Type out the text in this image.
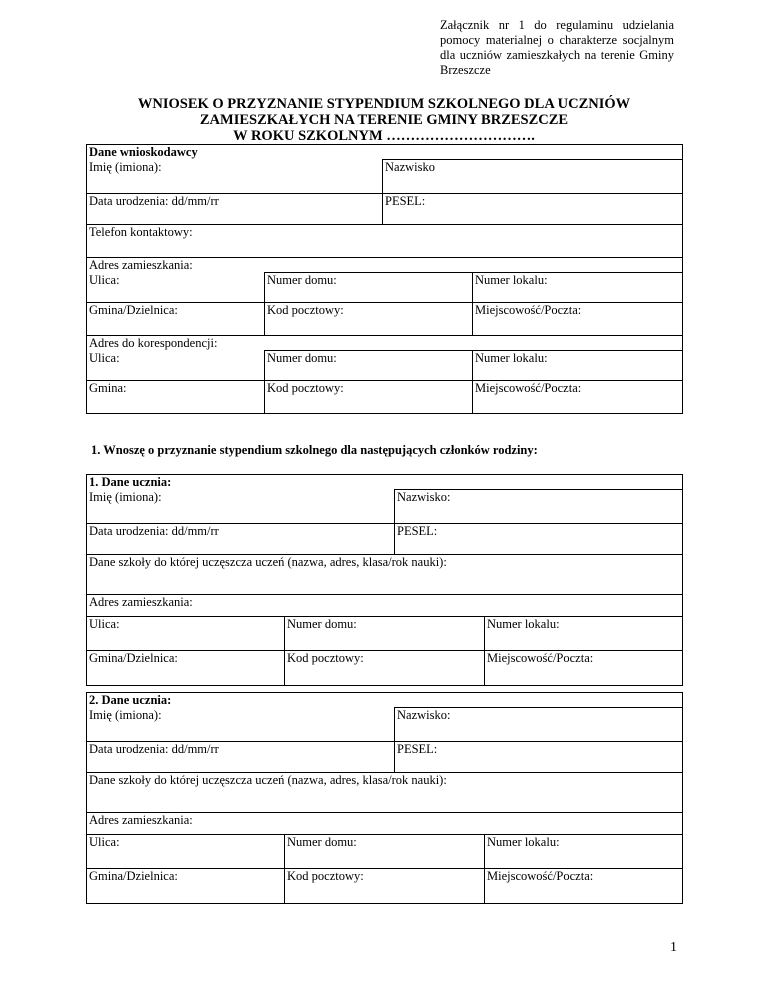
Załącznik nr 1 do regulaminu udzielania pomocy materialnej o charakterze socjalnym dla uczniów zamieszkałych na terenie Gminy Brzeszcze
WNIOSEK O PRZYZNANIE STYPENDIUM SZKOLNEGO DLA UCZNIÓW
ZAMIESZKAŁYCH NA TERENIE GMINY BRZESZCZE
W ROKU SZKOLNYM ………………………….
Dane wnioskodawcy			
Imię (imiona):		Nazwisko	
Data urodzenia: dd/mm/rr		PESEL:	
Telefon kontaktowy:			
Adres zamieszkania:			
Ulica:	Numer domu:		Numer lokalu:
Gmina/Dzielnica:	Kod pocztowy:		Miejscowość/Poczta:
Adres do korespondencji:			
Ulica:	Numer domu:		Numer lokalu:
Gmina:	Kod pocztowy:		Miejscowość/Poczta:
1. Wnoszę o przyznanie stypendium szkolnego dla następujących członków rodziny:
1. Dane ucznia:			
Imię (imiona):		Nazwisko:	
Data urodzenia: dd/mm/rr		PESEL:	
Dane szkoły do której uczęszcza uczeń (nazwa, adres, klasa/rok nauki):			
Adres zamieszkania:			
Ulica:	Numer domu:		Numer lokalu:
Gmina/Dzielnica:	Kod pocztowy:		Miejscowość/Poczta:
2. Dane ucznia:			
Imię (imiona):		Nazwisko:	
Data urodzenia: dd/mm/rr		PESEL:	
Dane szkoły do której uczęszcza uczeń (nazwa, adres, klasa/rok nauki):			
Adres zamieszkania:			
Ulica:	Numer domu:		Numer lokalu:
Gmina/Dzielnica:	Kod pocztowy:		Miejscowość/Poczta:
1
